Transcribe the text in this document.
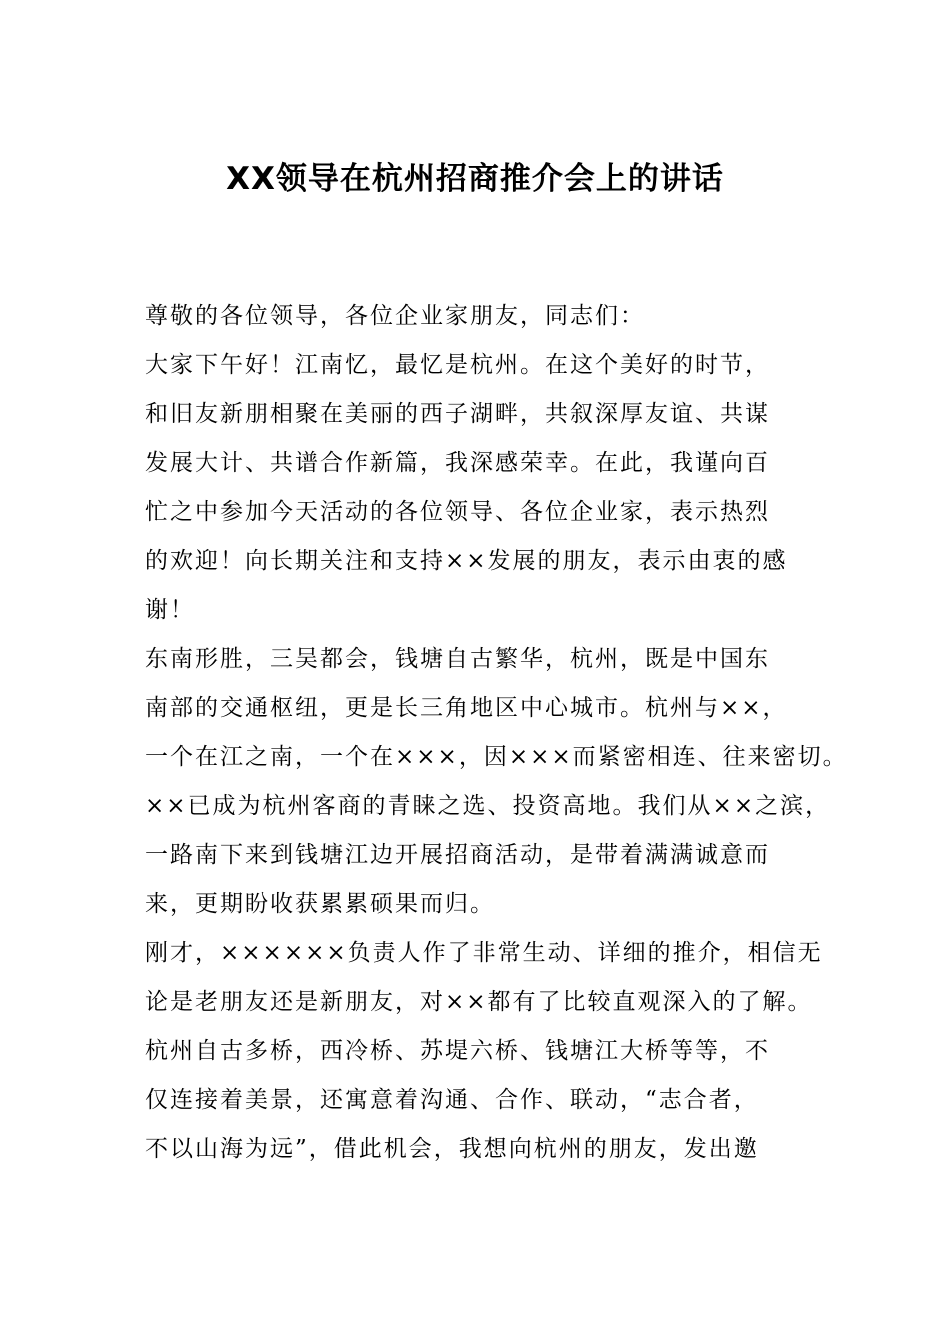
XX领导在杭州招商推介会上的讲话
尊敬的各位领导，各位企业家朋友，同志们：
大家下午好！江南忆，最忆是杭州。在这个美好的时节，
和旧友新朋相聚在美丽的西子湖畔，共叙深厚友谊、共谋
发展大计、共谱合作新篇，我深感荣幸。在此，我谨向百
忙之中参加今天活动的各位领导、各位企业家，表示热烈
的欢迎！向长期关注和支持××发展的朋友，表示由衷的感
谢！
东南形胜，三吴都会，钱塘自古繁华，杭州，既是中国东
南部的交通枢纽，更是长三角地区中心城市。杭州与××，
一个在江之南，一个在×××，因×××而紧密相连、往来密切。
××已成为杭州客商的青睐之选、投资高地。我们从××之滨，
一路南下来到钱塘江边开展招商活动，是带着满满诚意而
来，更期盼收获累累硕果而归。
刚才，××××××负责人作了非常生动、详细的推介，相信无
论是老朋友还是新朋友，对××都有了比较直观深入的了解。
杭州自古多桥，西冷桥、苏堤六桥、钱塘江大桥等等，不
仅连接着美景，还寓意着沟通、合作、联动，“志合者，
不以山海为远”，借此机会，我想向杭州的朋友，发出邀
